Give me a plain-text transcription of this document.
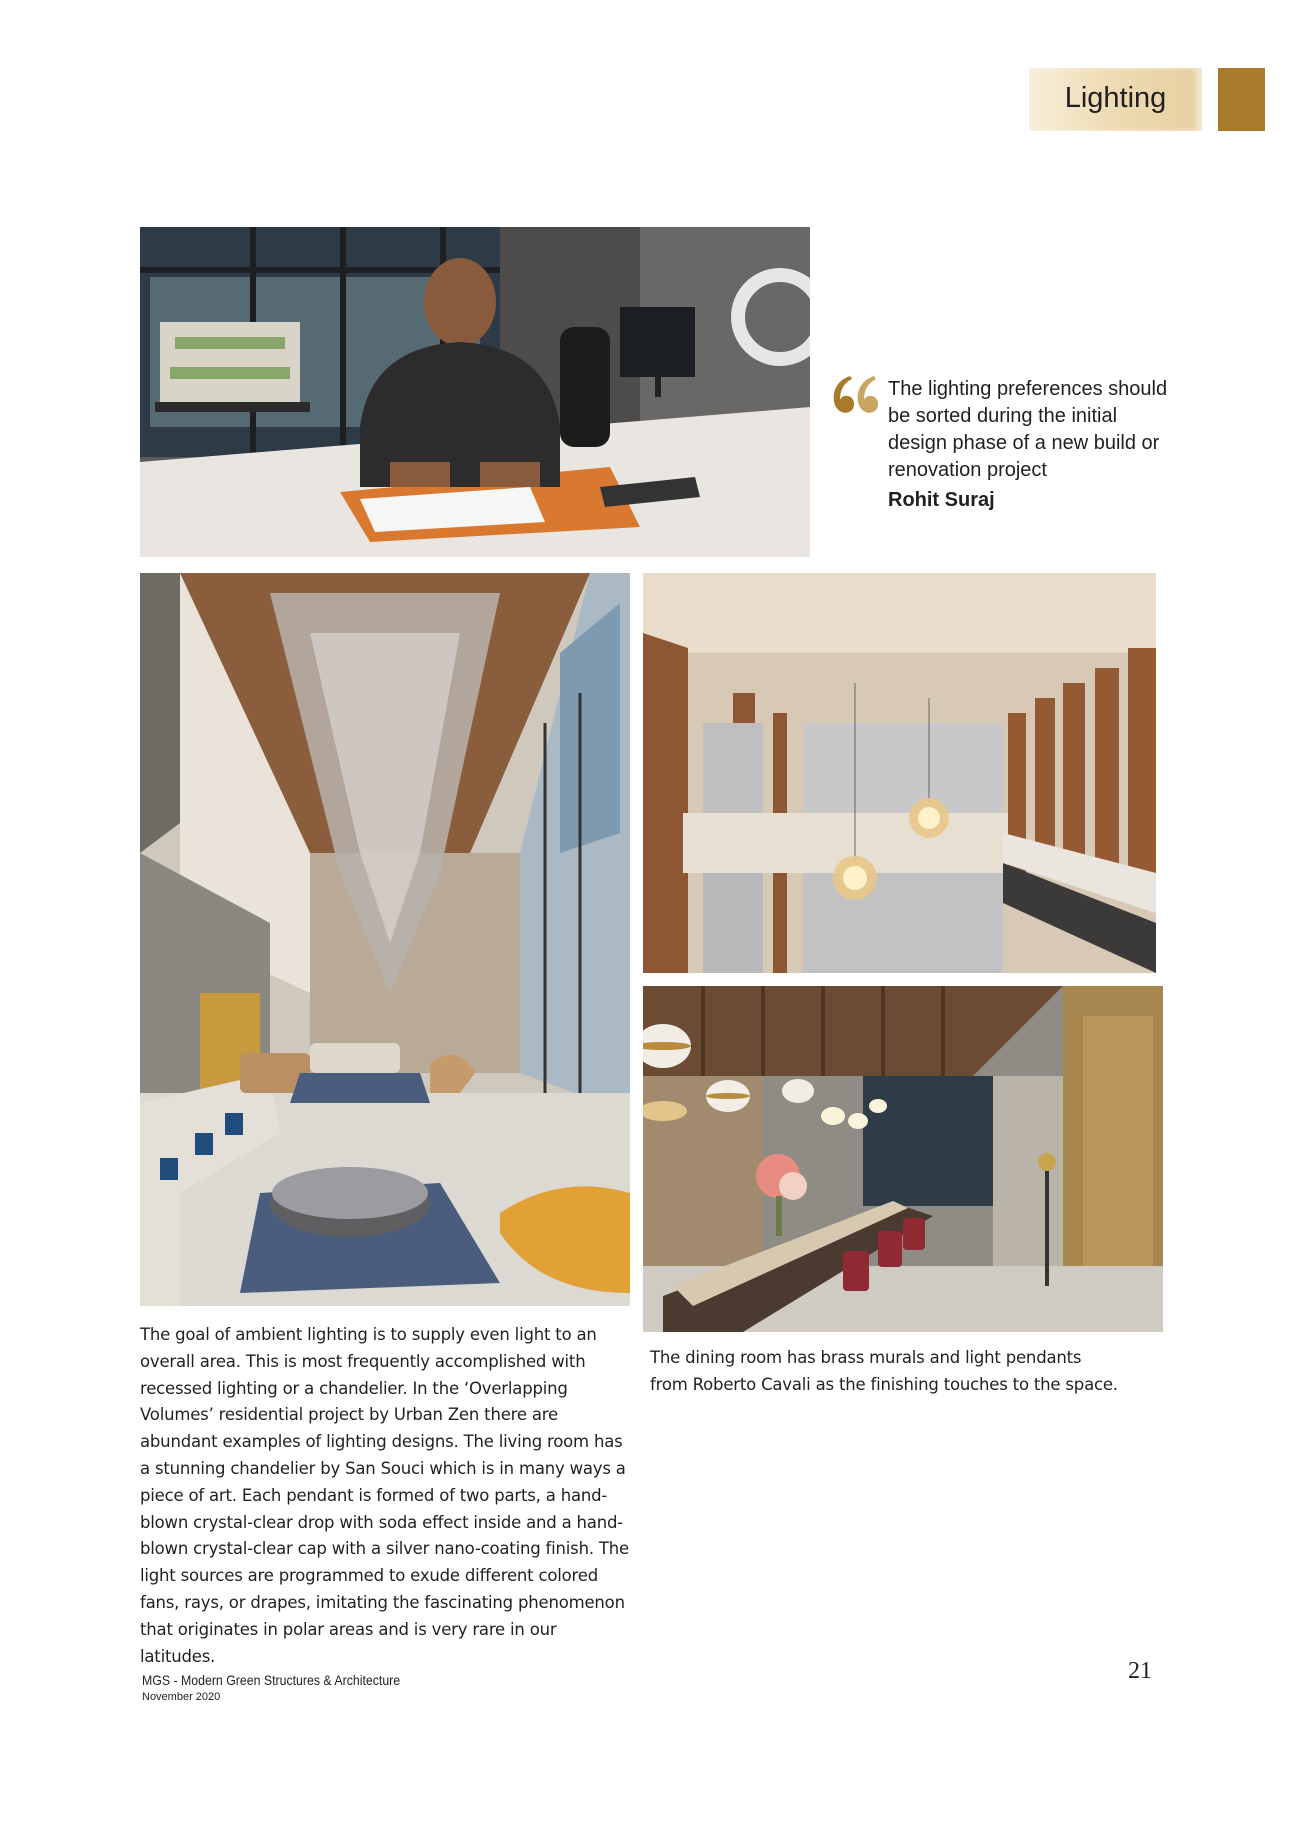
Lighting
The lighting preferences should be sorted during the initial design phase of a new build or renovation project
Rohit Suraj
The goal of ambient lighting is to supply even light to an overall area. This is most frequently accomplished with recessed lighting or a chandelier. In the ‘Overlapping Volumes’ residential project by Urban Zen there are abundant examples of lighting designs. The living room has a stunning chandelier by San Souci which is in many ways a piece of art. Each pendant is formed of two parts, a hand-blown crystal-clear drop with soda effect inside and a hand-blown crystal-clear cap with a silver nano-coating finish. The light sources are programmed to exude different colored fans, rays, or drapes, imitating the fascinating phenomenon that originates in polar areas and is very rare in our latitudes.
The dining room has brass murals and light pendants from Roberto Cavali as the finishing touches to the space.
MGS - Modern Green Structures & Architecture
November 2020
21
